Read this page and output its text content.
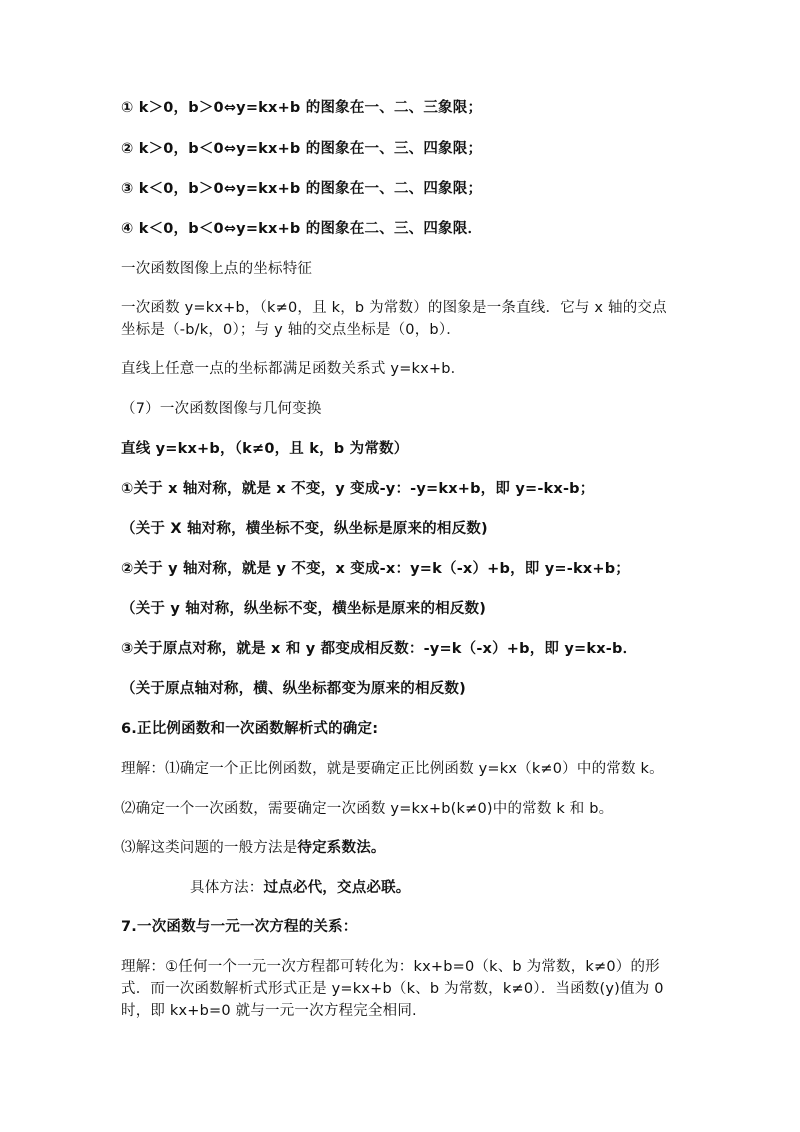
① k＞0，b＞0⇔y=kx+b 的图象在一、二、三象限；
② k＞0，b＜0⇔y=kx+b 的图象在一、三、四象限；
③ k＜0，b＞0⇔y=kx+b 的图象在一、二、四象限；
④ k＜0，b＜0⇔y=kx+b 的图象在二、三、四象限．
一次函数图像上点的坐标特征
一次函数 y=kx+b，（k≠0，且 k，b 为常数）的图象是一条直线．它与 x 轴的交点
坐标是（-b/k，0）；与 y 轴的交点坐标是（0，b）．
直线上任意一点的坐标都满足函数关系式 y=kx+b．
（7）一次函数图像与几何变换
直线 y=kx+b，（k≠0，且 k，b 为常数）
①关于 x 轴对称，就是 x 不变，y 变成-y：-y=kx+b，即 y=-kx-b；
（关于 X 轴对称，横坐标不变，纵坐标是原来的相反数)
②关于 y 轴对称，就是 y 不变，x 变成-x：y=k（-x）+b，即 y=-kx+b；
（关于 y 轴对称，纵坐标不变，横坐标是原来的相反数)
③关于原点对称，就是 x 和 y 都变成相反数：-y=k（-x）+b，即 y=kx-b．
（关于原点轴对称，横、纵坐标都变为原来的相反数)
6.正比例函数和一次函数解析式的确定:
理解：⑴确定一个正比例函数，就是要确定正比例函数 y=kx（k≠0）中的常数 k。
⑵确定一个一次函数，需要确定一次函数 y=kx+b(k≠0)中的常数 k 和 b。
⑶解这类问题的一般方法是待定系数法。
具体方法：过点必代，交点必联。
7.一次函数与一元一次方程的关系：
理解：①任何一个一元一次方程都可转化为：kx+b=0（k、b 为常数，k≠0）的形
式．而一次函数解析式形式正是 y=kx+b（k、b 为常数，k≠0）．当函数(y)值为 0
时，即 kx+b=0 就与一元一次方程完全相同.
